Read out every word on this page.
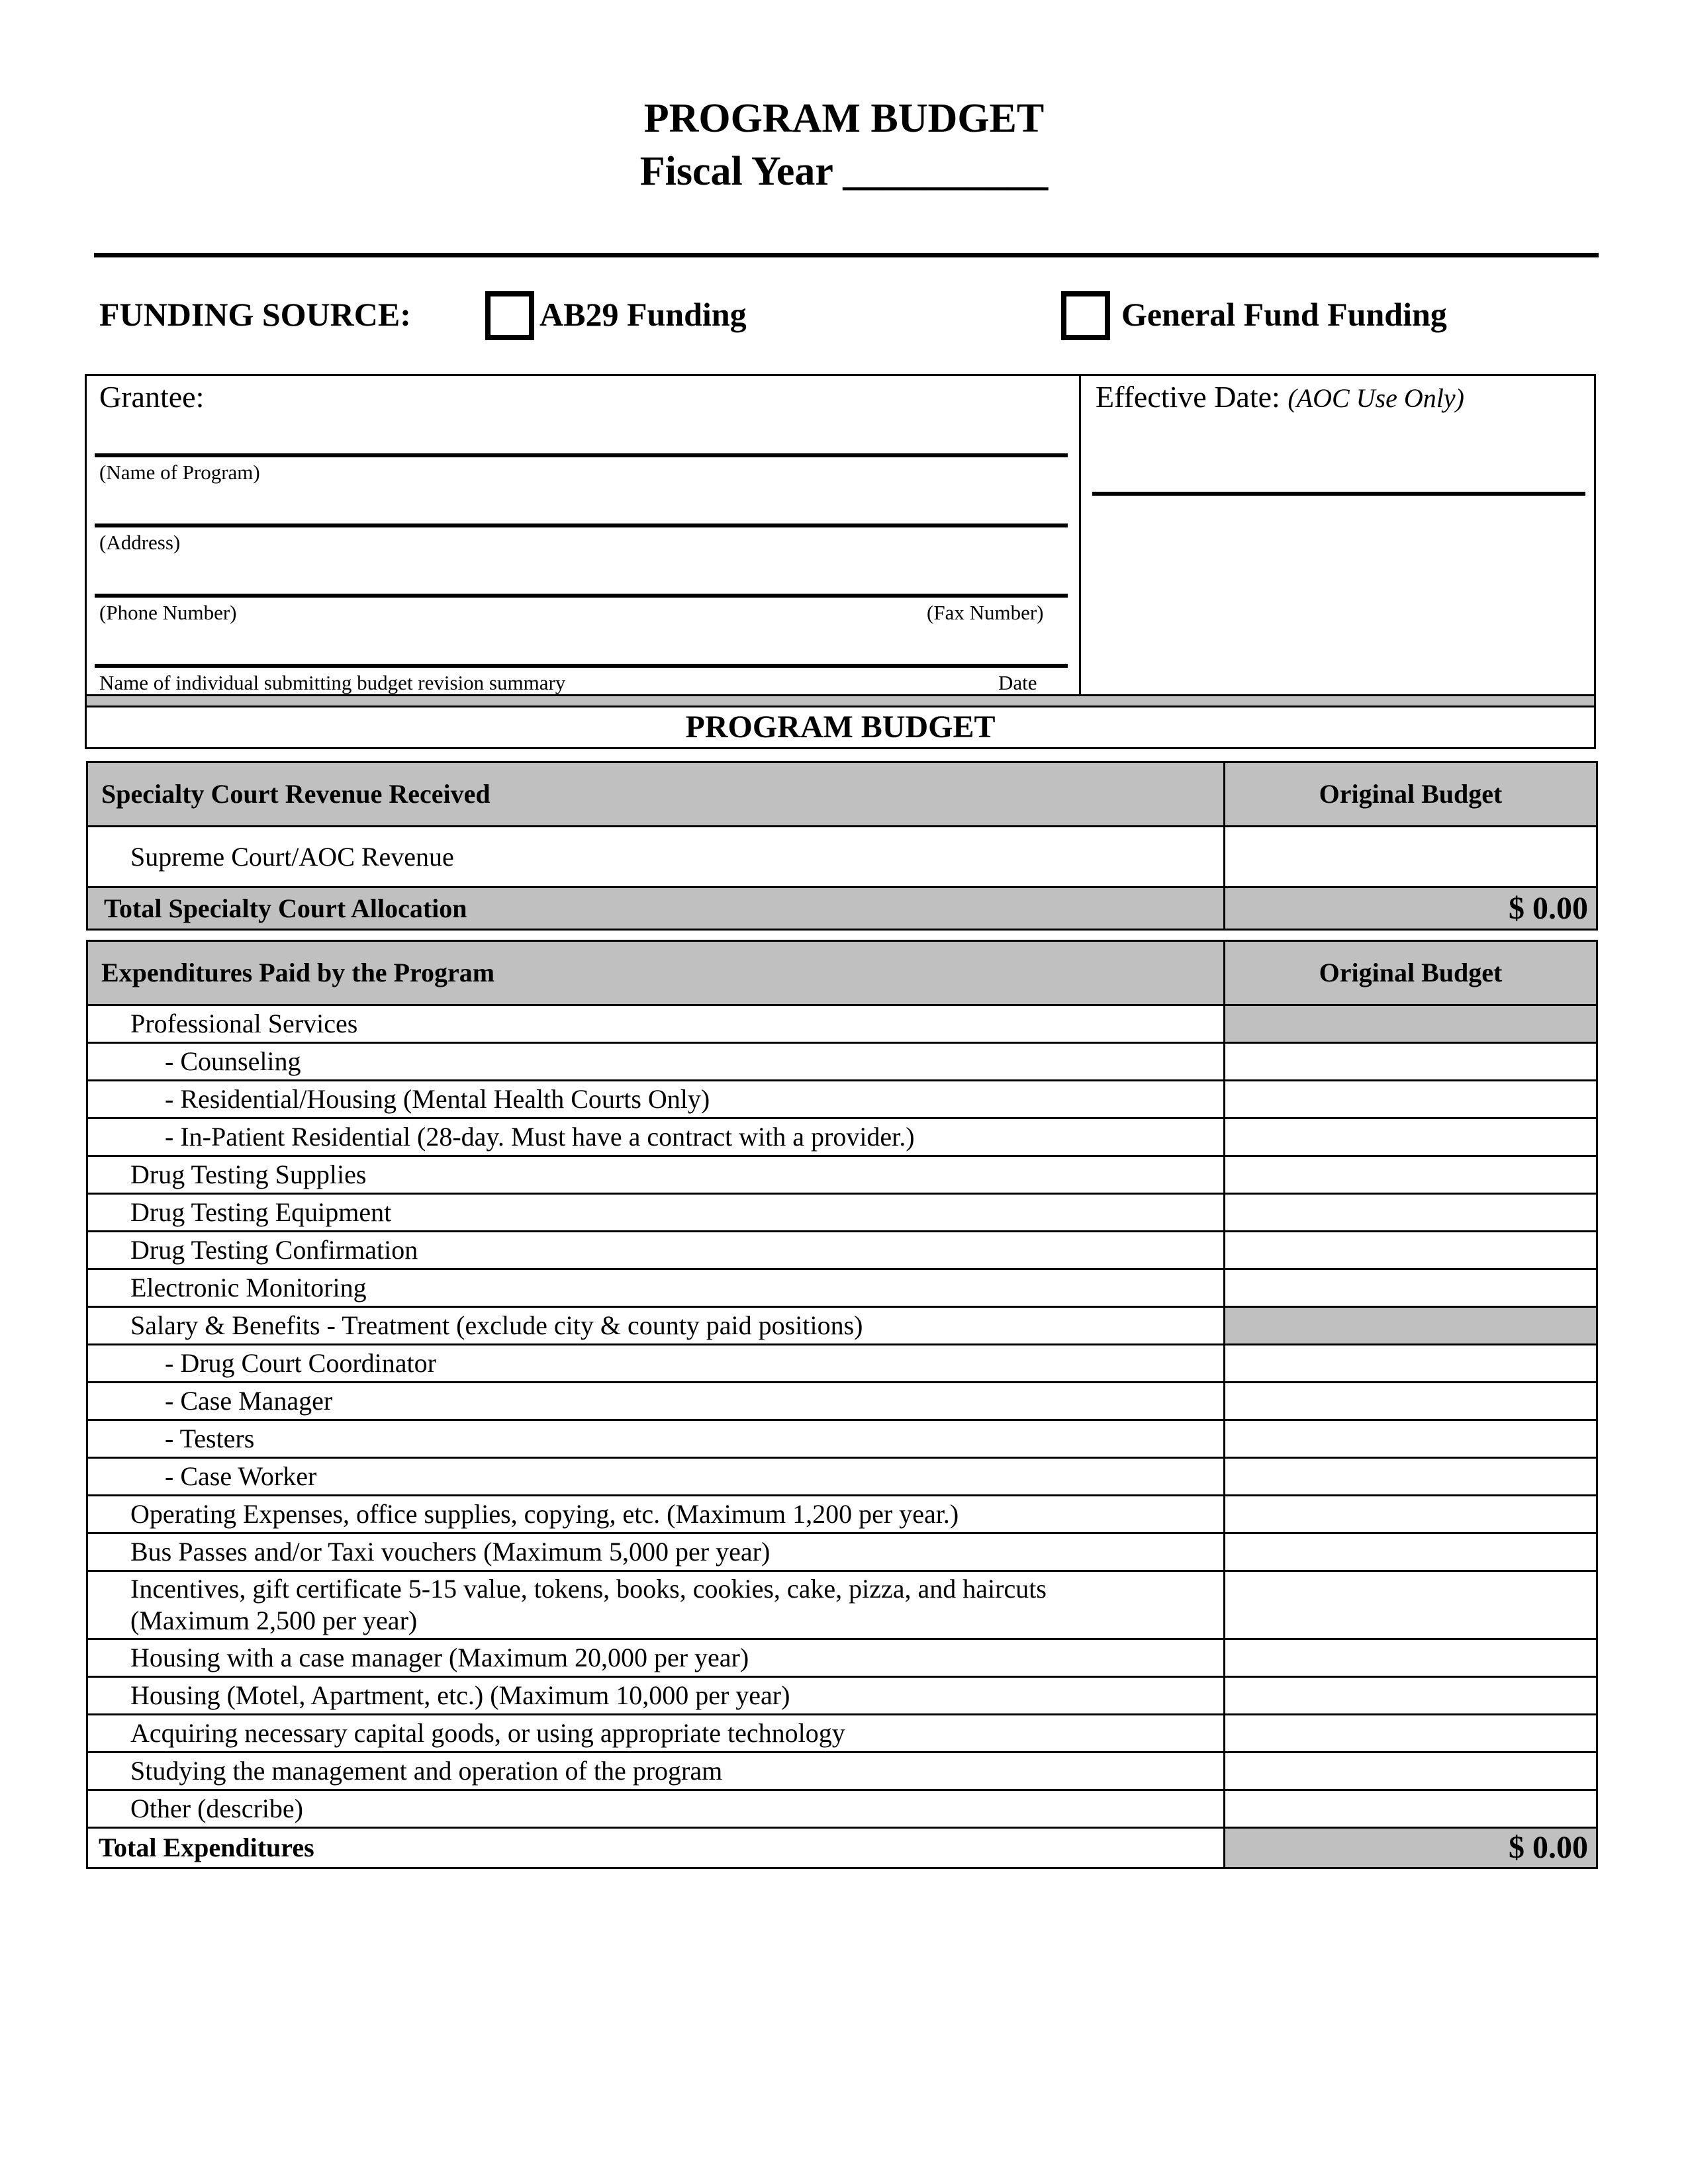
PROGRAM BUDGET
Fiscal Year __________
FUNDING SOURCE:	AB29 Funding	General Fund Funding
Grantee:
(Name of Program)
(Address)
(Phone Number)	(Fax Number)
Name of individual submitting budget revision summary	Date
Effective Date: (AOC Use Only)
PROGRAM BUDGET
Specialty Court Revenue Received	Original Budget
Supreme Court/AOC Revenue	
Total Specialty Court Allocation	$ 0.00
Expenditures Paid by the Program	Original Budget
Professional Services	
- Counseling	
- Residential/Housing (Mental Health Courts Only)	
- In-Patient Residential (28-day. Must have a contract with a provider.)	
Drug Testing Supplies	
Drug Testing Equipment	
Drug Testing Confirmation	
Electronic Monitoring	
Salary & Benefits - Treatment (exclude city & county paid positions)	
- Drug Court Coordinator	
- Case Manager	
- Testers	
- Case Worker	
Operating Expenses, office supplies, copying, etc. (Maximum 1,200 per year.)	
Bus Passes and/or Taxi vouchers (Maximum 5,000 per year)	

Incentives, gift certificate 5-15 value, tokens, books, cookies, cake, pizza, and haircuts
(Maximum 2,500 per year)	

Housing with a case manager (Maximum 20,000 per year)	
Housing (Motel, Apartment, etc.) (Maximum 10,000 per year)	
Acquiring necessary capital goods, or using appropriate technology	
Studying the management and operation of the program	
Other (describe)	
Total Expenditures	$ 0.00
